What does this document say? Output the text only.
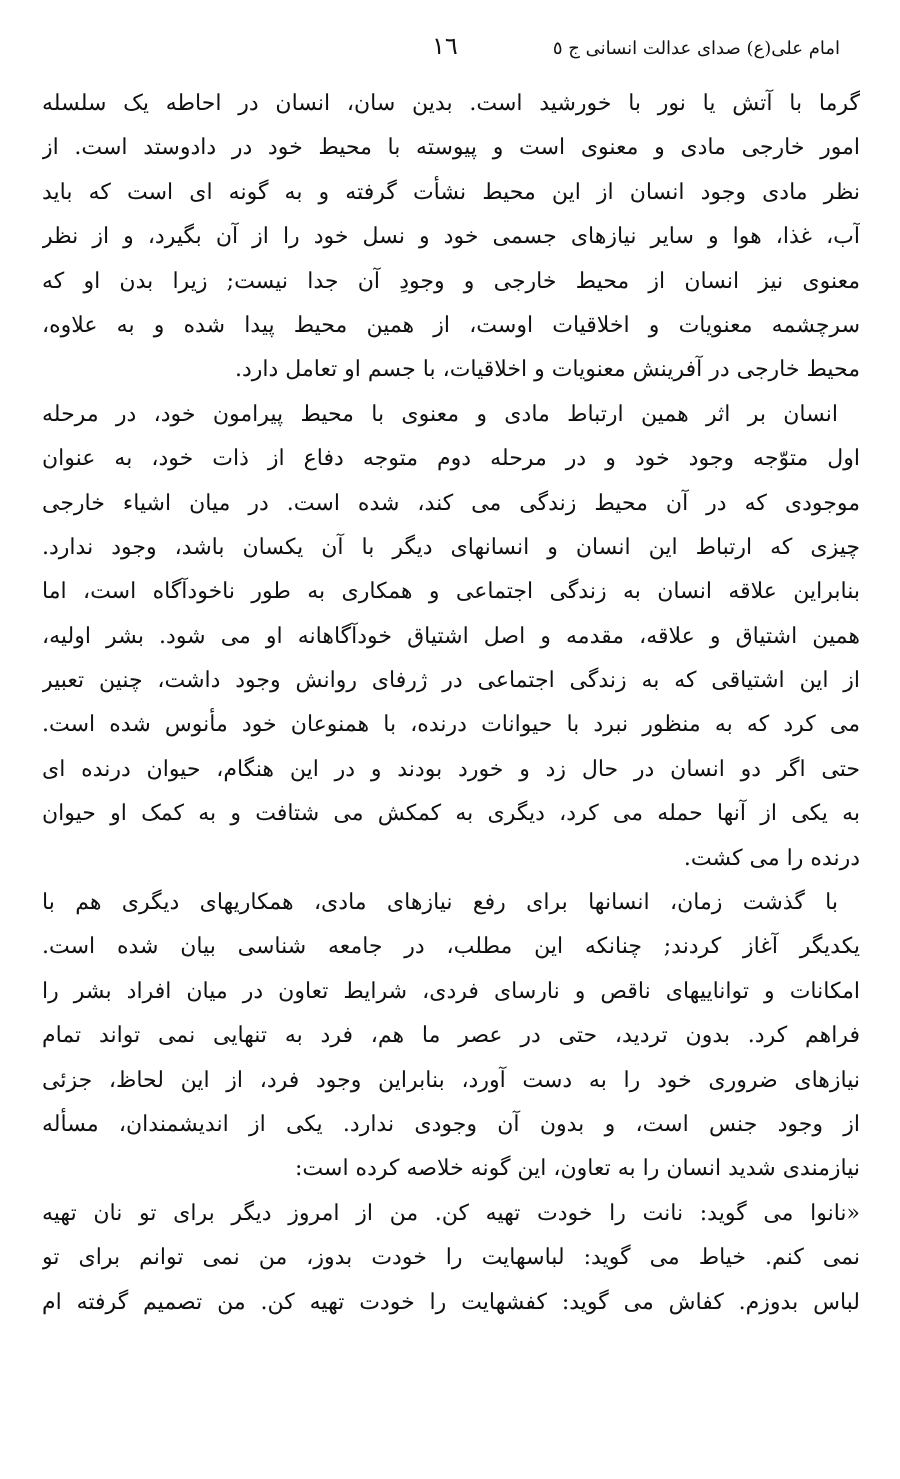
امام علی(ع) صدای عدالت انسانی ج ٥
١٦
گرما با آتش یا نور با خورشید است. بدین سان، انسان در احاطه یک سلسله
امور خارجی مادی و معنوی است و پیوسته با محیط خود در دادوستد است. از
نظر مادی وجود انسان از این محیط نشأت گرفته و به گونه ای است که باید
آب، غذا، هوا و سایر نیازهای جسمی خود و نسل خود را از آن بگیرد، و از نظر
معنوی نیز انسان از محیط خارجی و وجودِ آن جدا نیست; زیرا بدن او که
سرچشمه معنویات و اخلاقیات اوست، از همین محیط پیدا شده و به علاوه،
محیط خارجی در آفرینش معنویات و اخلاقیات، با جسم او تعامل دارد.
انسان بر اثر همین ارتباط مادی و معنوی با محیط پیرامون خود، در مرحله
اول متوّجه وجود خود و در مرحله دوم متوجه دفاع از ذات خود، به عنوان
موجودی که در آن محیط زندگی می کند، شده است. در میان اشیاء خارجی
چیزی که ارتباط این انسان و انسانهای دیگر با آن یکسان باشد، وجود ندارد.
بنابراین علاقه انسان به زندگی اجتماعی و همکاری به طور ناخودآگاه است، اما
همین اشتیاق و علاقه، مقدمه و اصل اشتیاق خودآگاهانه او می شود. بشر اولیه،
از این اشتیاقی که به زندگی اجتماعی در ژرفای روانش وجود داشت، چنین تعبیر
می کرد که به منظور نبرد با حیوانات درنده، با همنوعان خود مأنوس شده است.
حتی اگر دو انسان در حال زد و خورد بودند و در این هنگام، حیوان درنده ای
به یکی از آنها حمله می کرد، دیگری به کمکش می شتافت و به کمک او حیوان
درنده را می کشت.
با گذشت زمان، انسانها برای رفع نیازهای مادی، همکاریهای دیگری هم با
یکدیگر آغاز کردند; چنانکه این مطلب، در جامعه شناسی بیان شده است.
امکانات و تواناییهای ناقص و نارسای فردی، شرایط تعاون در میان افراد بشر را
فراهم کرد. بدون تردید، حتی در عصر ما هم، فرد به تنهایی نمی تواند تمام
نیازهای ضروری خود را به دست آورد، بنابراین وجود فرد، از این لحاظ، جزئی
از وجود جنس است، و بدون آن وجودی ندارد. یکی از اندیشمندان، مسأله
نیازمندی شدید انسان را به تعاون، این گونه خلاصه کرده است:
«نانوا می گوید: نانت را خودت تهیه کن. من از امروز دیگر برای تو نان تهیه
نمی کنم. خیاط می گوید: لباسهایت را خودت بدوز، من نمی توانم برای تو
لباس بدوزم. کفاش می گوید: کفشهایت را خودت تهیه کن. من تصمیم گرفته ام
